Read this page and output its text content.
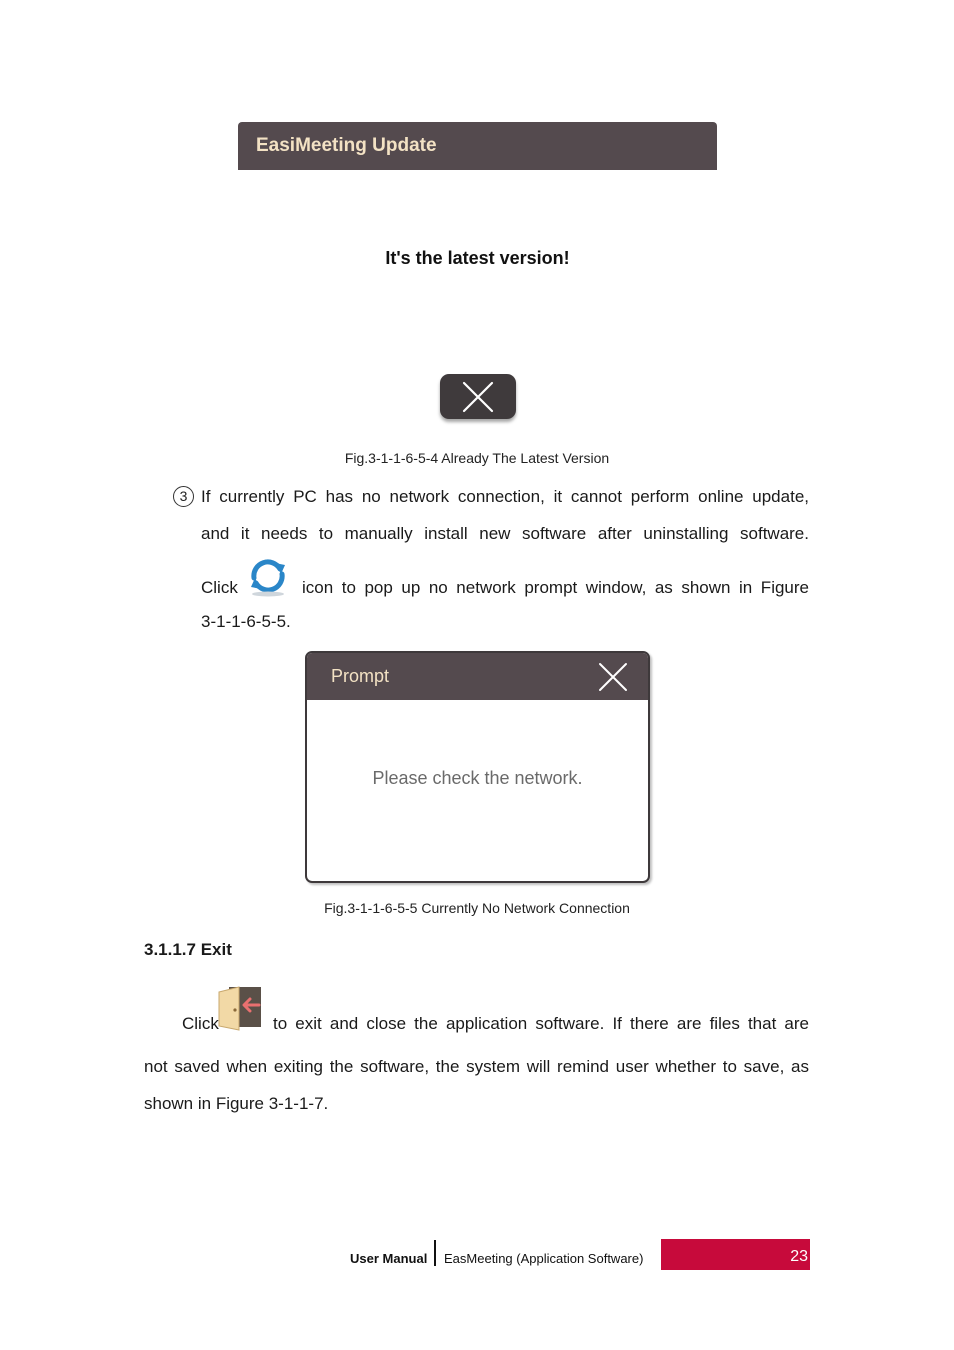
EasiMeeting Update
It's the latest version!
Fig.3-1-1-6-5-4 Already The Latest Version
3 If currently PC has no network connection, it cannot perform online update,
and it needs to manually install new software after uninstalling software.
Click	icon to pop up no network prompt window, as shown in Figure
3-1-1-6-5-5.
Prompt
Please check the network.
Fig.3-1-1-6-5-5 Currently No Network Connection
3.1.1.7 Exit
Click	to exit and close the application software. If there are files that are
not saved when exiting the software, the system will remind user whether to save, as
shown in Figure 3-1-1-7.
User Manual EasMeeting (Application Software)	23
